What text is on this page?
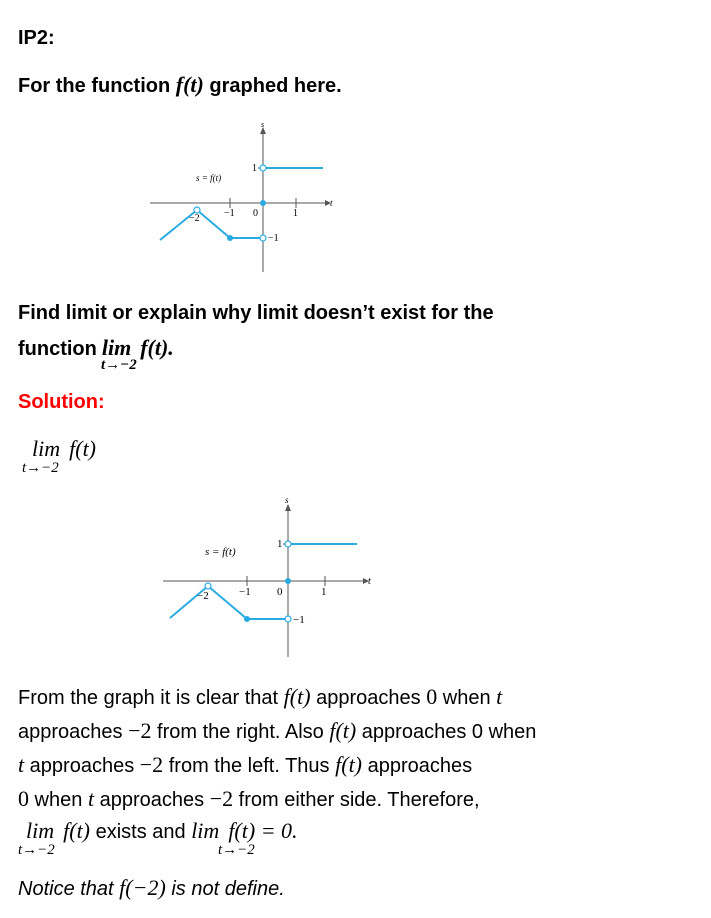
IP2:
For the function f(t) graphed here.
s
t
s = f(t)
−2 −1 0	1
1
−1
Find limit or explain why limit doesn’t exist for the
function lim f(t).
t→−2
Solution:
lim f(t)
t→−2
s
t
s = f(t)
−2	−1 0	1
1
−1
From the graph it is clear that f(t) approaches 0 when t
approaches −2 from the right. Also f(t) approaches 0 when
t approaches −2 from the left. Thus f(t) approaches
0 when t approaches −2 from either side. Therefore,
lim f(t) exists and lim f(t) = 0.
t→−2	t→−2
Notice that f(−2) is not define.
